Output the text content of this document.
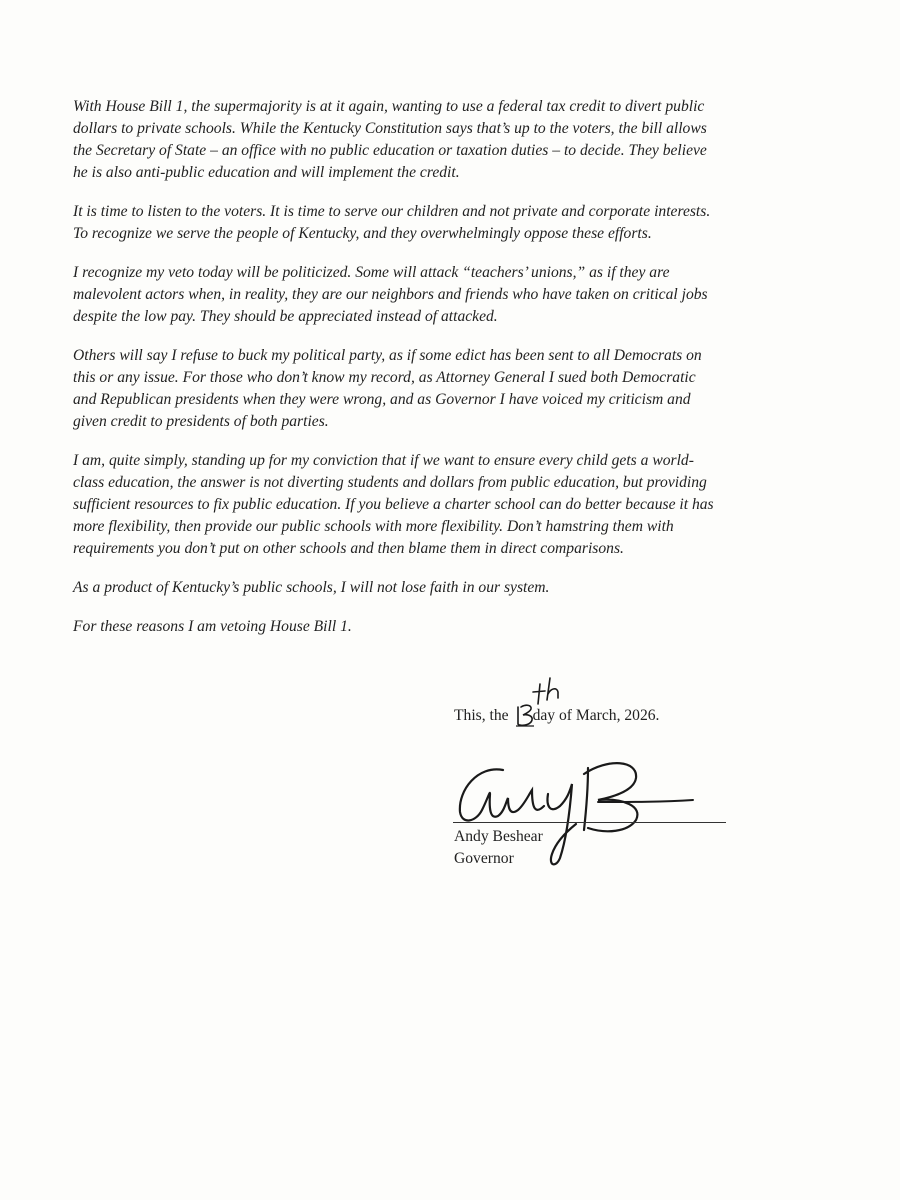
With House Bill 1, the supermajority is at it again, wanting to use a federal tax credit to divert public
dollars to private schools. While the Kentucky Constitution says that’s up to the voters, the bill allows
the Secretary of State – an office with no public education or taxation duties – to decide. They believe
he is also anti-public education and will implement the credit.

It is time to listen to the voters. It is time to serve our children and not private and corporate interests.
To recognize we serve the people of Kentucky, and they overwhelmingly oppose these efforts.

I recognize my veto today will be politicized. Some will attack “teachers’ unions,” as if they are
malevolent actors when, in reality, they are our neighbors and friends who have taken on critical jobs
despite the low pay. They should be appreciated instead of attacked.

Others will say I refuse to buck my political party, as if some edict has been sent to all Democrats on
this or any issue. For those who don’t know my record, as Attorney General I sued both Democratic
and Republican presidents when they were wrong, and as Governor I have voiced my criticism and
given credit to presidents of both parties.

I am, quite simply, standing up for my conviction that if we want to ensure every child gets a world-
class education, the answer is not diverting students and dollars from public education, but providing
sufficient resources to fix public education. If you believe a charter school can do better because it has
more flexibility, then provide our public schools with more flexibility. Don’t hamstring them with
requirements you don’t put on other schools and then blame them in direct comparisons.

As a product of Kentucky’s public schools, I will not lose faith in our system.

For these reasons I am vetoing House Bill 1.

This, the day of March, 2026.
Andy Beshear
Governor
